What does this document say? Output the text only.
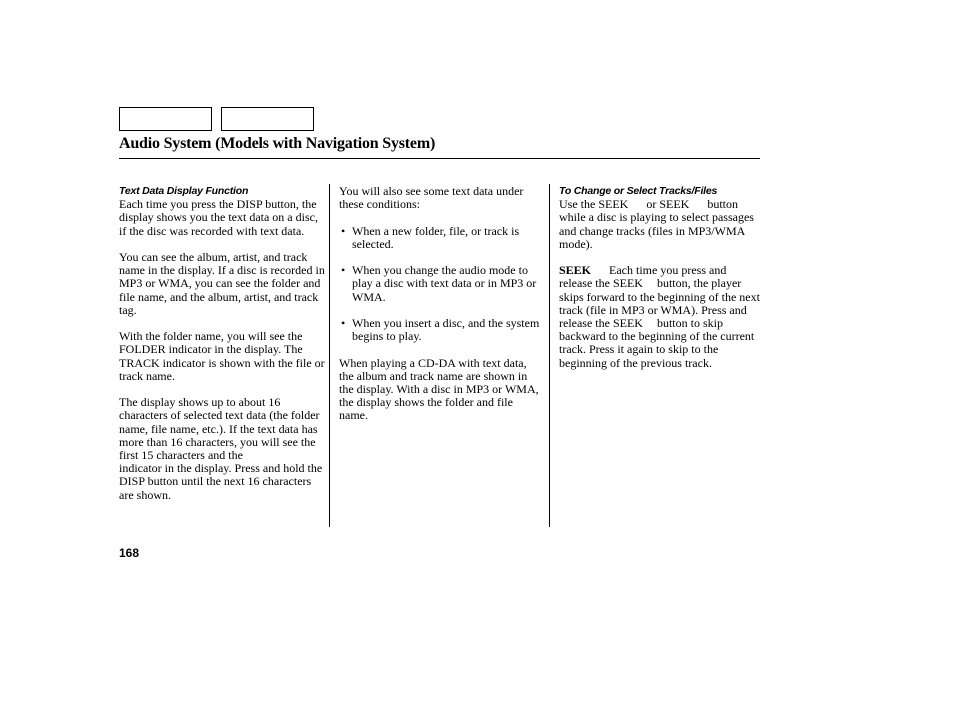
Audio System (Models with Navigation System)
Text Data Display Function

Each time you press the DISP button, the display shows you the text data on a disc, if the disc was recorded with text data.

You can see the album, artist, and track name in the display. If a disc is recorded in MP3 or WMA, you can see the folder and file name, and the album, artist, and track tag.

With the folder name, you will see the FOLDER indicator in the display. The TRACK indicator is shown with the file or track name.

The display shows up to about 16 characters of selected text data (the folder name, file name, etc.). If the text data has more than 16 characters, you will see the first 15 characters and the  indicator in the display. Press and hold the DISP button until the next 16 characters are shown.

You will also see some text data under these conditions:

• When a new folder, file, or track is selected.
• When you change the audio mode to play a disc with text data or in MP3 or WMA.
• When you insert a disc, and the system begins to play.

When playing a CD-DA with text data, the album and track name are shown in the display. With a disc in MP3 or WMA, the display shows the folder and file name.

To Change or Select Tracks/Files

Use the SEEK or SEEK button while a disc is playing to select passages and change tracks (files in MP3/WMA mode).

SEEK Each time you press and release the SEEK button, the player skips forward to the beginning of the next track (file in MP3 or WMA). Press and release the SEEK button to skip backward to the beginning of the current track. Press it again to skip to the beginning of the previous track.

168
